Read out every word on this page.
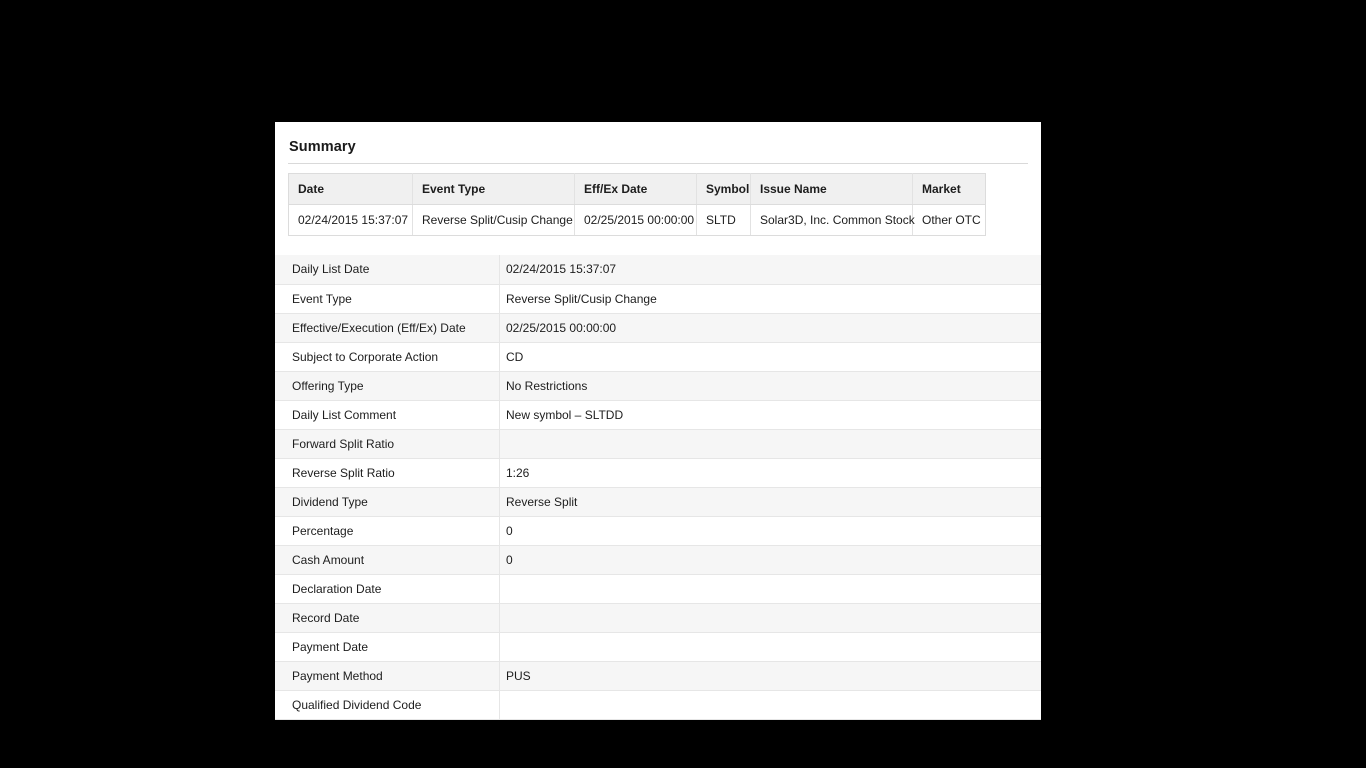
Summary
Date	Event Type	Eff/Ex Date	Symbol	Issue Name	Market
02/24/2015 15:37:07	Reverse Split/Cusip Change	02/25/2015 00:00:00	SLTD	Solar3D, Inc. Common Stock	Other OTC
Daily List Date	02/24/2015 15:37:07
Event Type	Reverse Split/Cusip Change
Effective/Execution (Eff/Ex) Date	02/25/2015 00:00:00
Subject to Corporate Action	CD
Offering Type	No Restrictions
Daily List Comment	New symbol – SLTDD
Forward Split Ratio	
Reverse Split Ratio	1:26
Dividend Type	Reverse Split
Percentage	0
Cash Amount	0
Declaration Date	
Record Date	
Payment Date	
Payment Method	PUS
Qualified Dividend Code	
